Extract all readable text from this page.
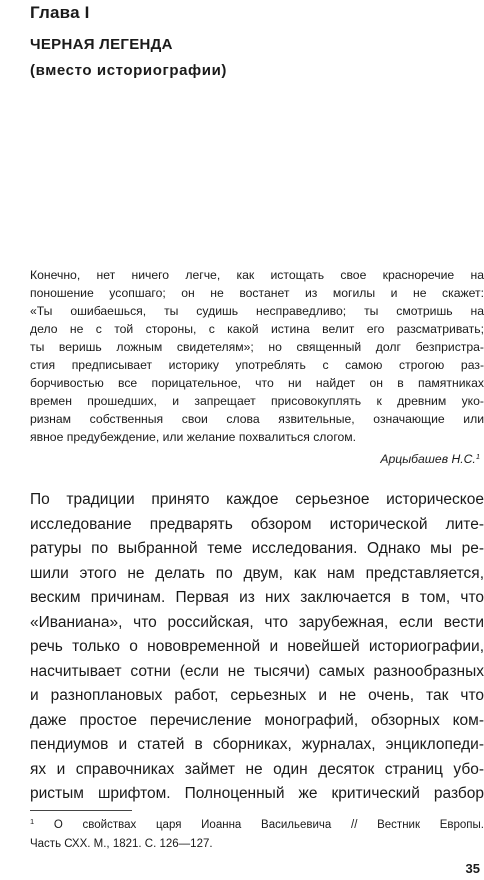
Глава I
ЧЕРНАЯ ЛЕГЕНДА
(вместо историографии)
Конечно, нет ничего легче, как истощать свое красноречие на
поношение усопшаго; он не востанет из могилы и не скажет:
«Ты ошибаешься, ты судишь несправедливо; ты смотришь на
дело не с той стороны, с какой истина велит его разсматривать;
ты веришь ложным свидетелям»; но священный долг безпристра-
стия предписывает историку употреблять с самою строгою раз-
борчивостью все порицательное, что ни найдет он в памятниках
времен прошедших, и запрещает присовокуплять к древним уко-
ризнам собственныя свои слова язвительные, означающие или
явное предубеждение, или желание похвалиться слогом.
Арцыбашев Н.С.$^1$
По традиции принято каждое серьезное историческое
исследование предварять обзором исторической лите-
ратуры по выбранной теме исследования. Однако мы ре-
шили этого не делать по двум, как нам представляется,
веским причинам. Первая из них заключается в том, что
«Иваниана», что российская, что зарубежная, если вести
речь только о нововременной и новейшей историографии,
насчитывает сотни (если не тысячи) самых разнообразных
и разноплановых работ, серьезных и не очень, так что
даже простое перечисление монографий, обзорных ком-
пендиумов и статей в сборниках, журналах, энциклопеди-
ях и справочниках займет не один десяток страниц убо-
ристым шрифтом. Полноценный же критический разбор
$^1$ О свойствах царя Иоанна Васильевича // Вестник Европы.
Часть СХХ. М., 1821. С. 126—127.
35
